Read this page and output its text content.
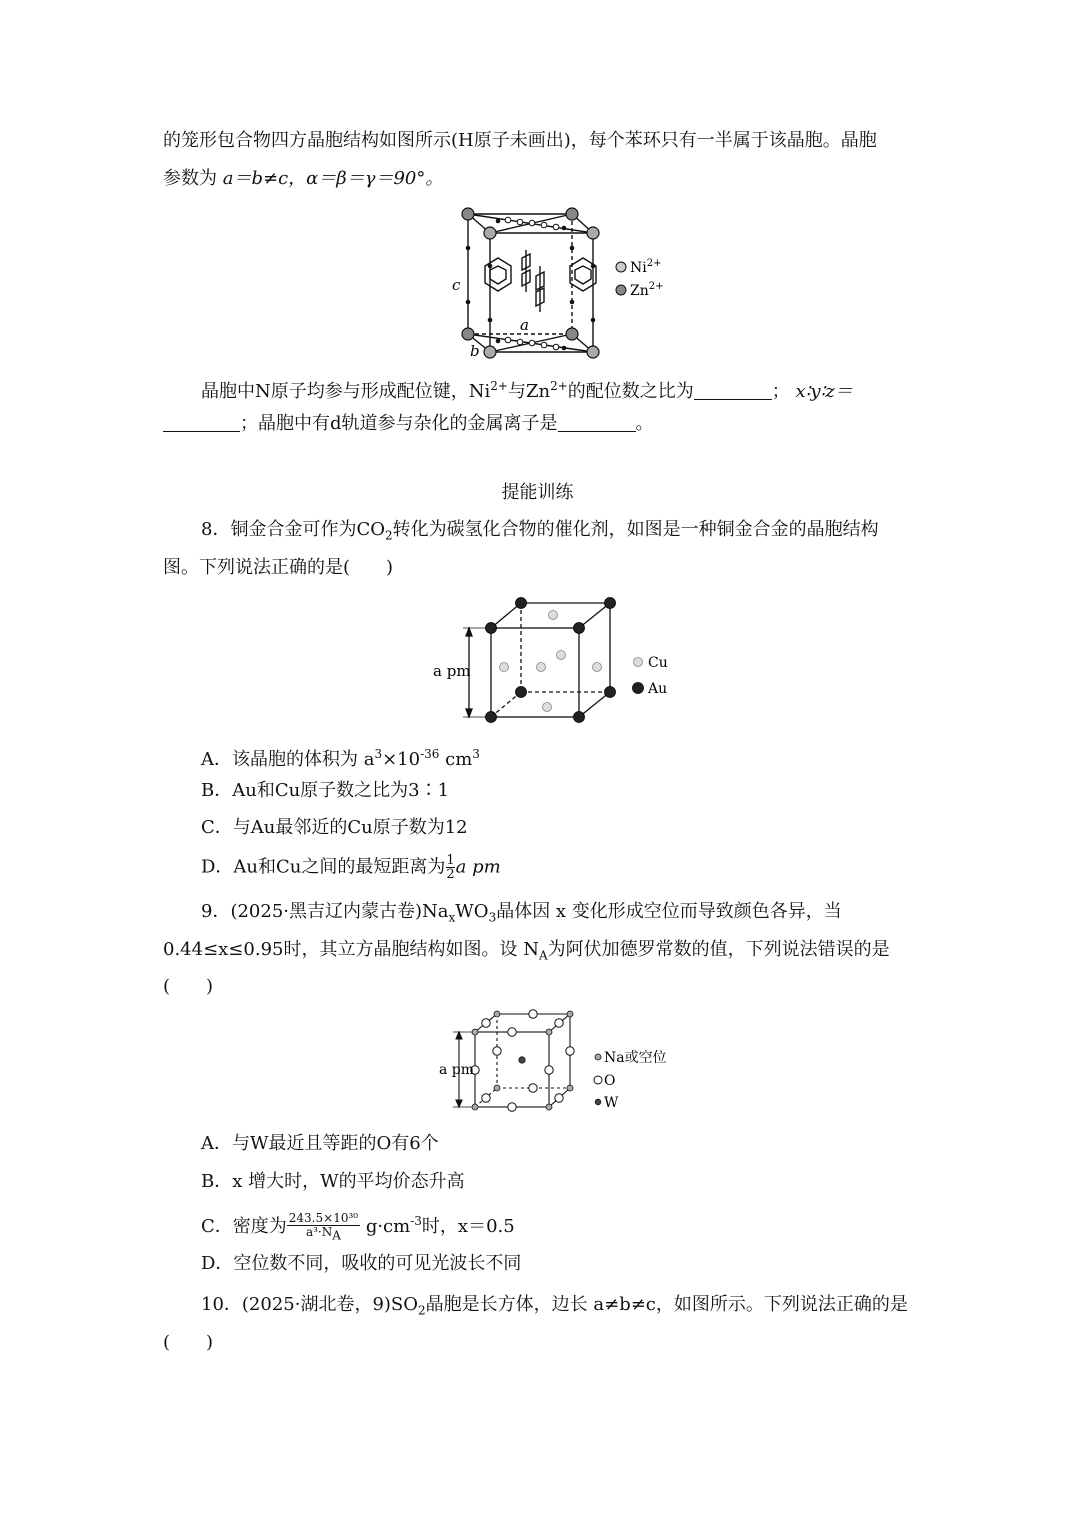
的笼形包合物四方晶胞结构如图所示(H原子未画出)，每个苯环只有一半属于该晶胞。晶胞
参数为 a＝b≠c，α＝β＝γ＝90°。
c
a
b
$Ni^{2+}$
$Zn^{2+}$
晶胞中N原子均参与形成配位键，$Ni^{2+}$与$Zn^{2+}$的配位数之比为	； x∶y∶z＝
；晶胞中有d轨道参与杂化的金属离子是	。
提能训练
8．铜金合金可作为$CO_2$转化为碳氢化合物的催化剂，如图是一种铜金合金的晶胞结构
图。下列说法正确的是(　　)
a pm	Cu
Au
A．该晶胞的体积为 $a^3\times 10^{-36}$ $cm^3$
B．Au和Cu原子数之比为3∶1
C．与Au最邻近的Cu原子数为12
D．Au和Cu之间的最短距离为 $\frac{1}{2}$ a pm
9．(2025·黑吉辽内蒙古卷)$Na_xWO_3$晶体因 x 变化形成空位而导致颜色各异，当
0.44≤x≤0.95时，其立方晶胞结构如图。设 $N_A$为阿伏加德罗常数的值，下列说法错误的是
(　　)
a pm
Na或空位
O
W
A．与W最近且等距的O有6个
B．x 增大时，W的平均价态升高
C．密度为 $\frac{\text{243.5×10³⁰}}{a^3\cdot N_A} g\cdot cm^{-3}$时，x＝0.5
D．空位数不同，吸收的可见光波长不同
10．(2025·湖北卷，$9)SO_2$晶胞是长方体，边长 a≠b≠c，如图所示。下列说法正确的是
(　　)
